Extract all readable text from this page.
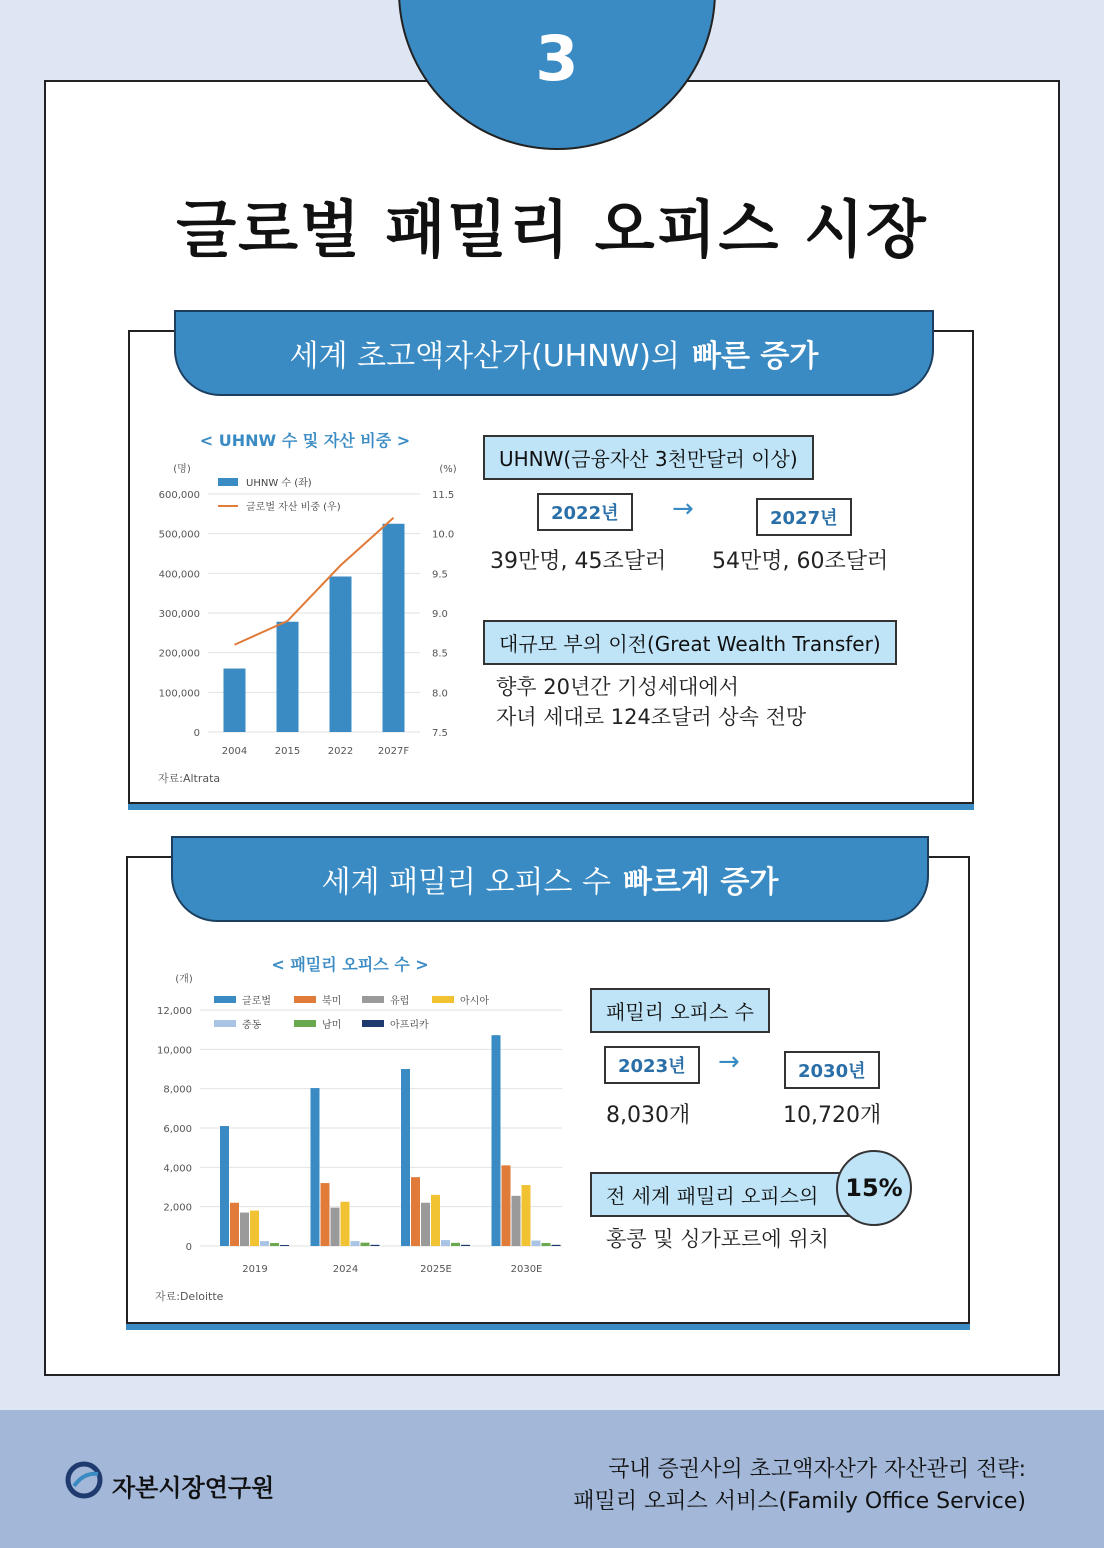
3
글로벌 패밀리 오피스 시장
세계 초고액자산가(UHNW)의 빠른 증가
< UHNW 수 및 자산 비중 >
(명)	(%)
0	7.5
100,000	8.0
200,000	8.5
300,000	9.0
400,000	9.5
500,000	10.0
600,000	11.5
2004	2015	2022 2027F
UHNW 수 (좌)
글로벌 자산 비중 (우)
자료:Altrata
UHNW(금융자산 3천만달러 이상)
2022년	→	2027년
39만명, 45조달러 54만명, 60조달러
대규모 부의 이전(Great Wealth Transfer)
향후 20년간 기성세대에서
자녀 세대로 124조달러 상속 전망
세계 패밀리 오피스 수 빠르게 증가
< 패밀리 오피스 수 >
(개)
0
2,000
4,000
6,000
8,000
10,000
12,000
2019	2024	2025E	2030E
글로벌	북미	유럽	아시아
중동	남미	아프리카
자료:Deloitte
패밀리 오피스 수
2023년	→	2030년
8,030개	10,720개
전 세계 패밀리 오피스의	15%
홍콩 및 싱가포르에 위치
자본시장연구원
국내 증권사의 초고액자산가 자산관리 전략:
패밀리 오피스 서비스(Family Office Service)
